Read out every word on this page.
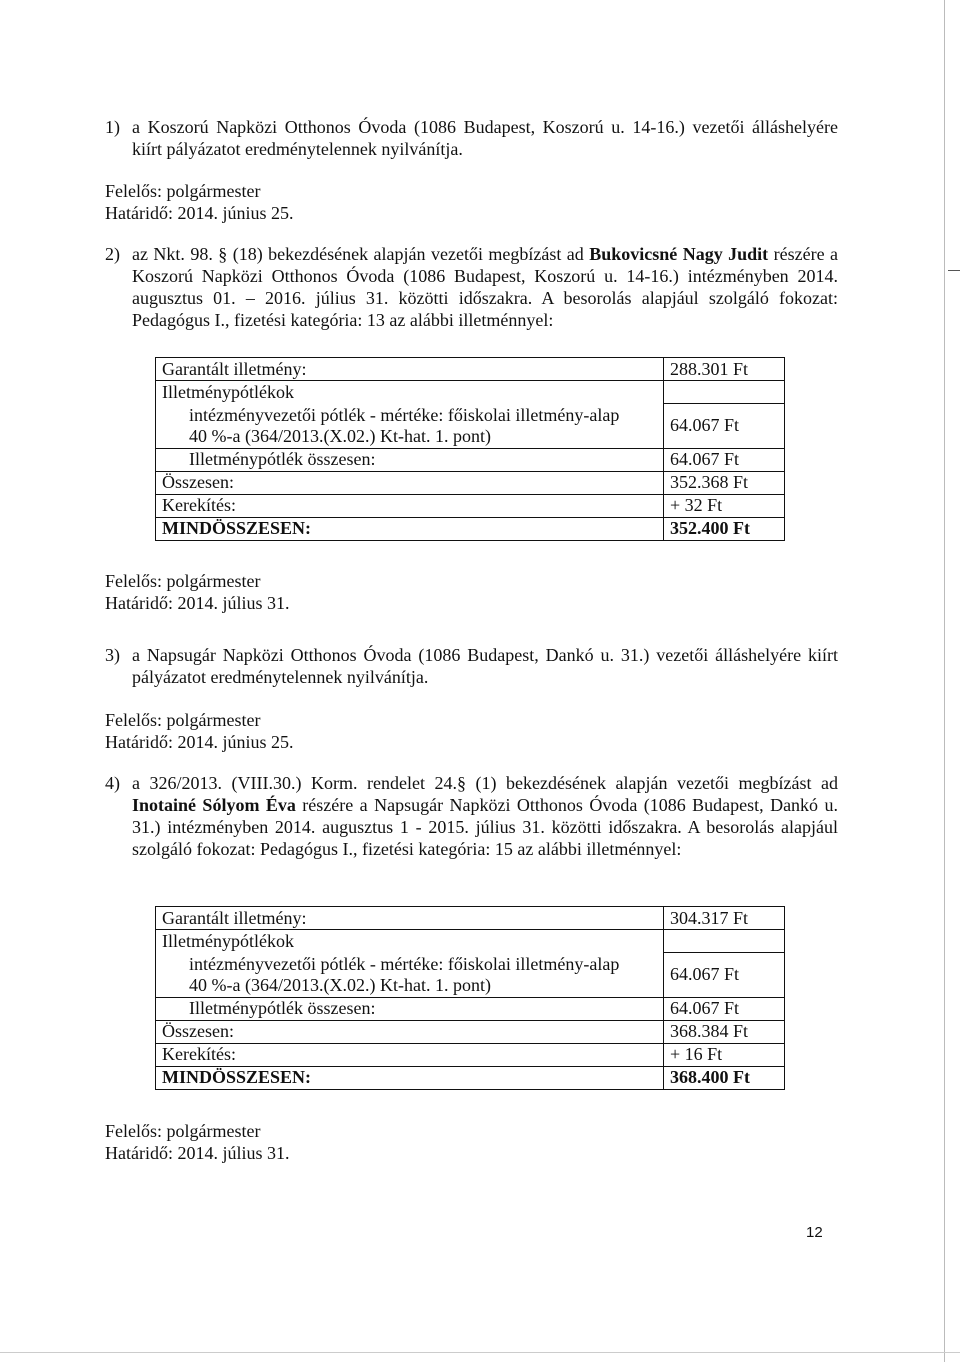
1) a Koszorú Napközi Otthonos Óvoda (1086 Budapest, Koszorú u. 14-16.) vezetői álláshelyére kiírt pályázatot eredménytelennek nyilvánítja.
Felelős: polgármester
Határidő: 2014. június 25.
2) az Nkt. 98. § (18) bekezdésének alapján vezetői megbízást ad Bukovicsné Nagy Judit részére a Koszorú Napközi Otthonos Óvoda (1086 Budapest, Koszorú u. 14-16.) intézményben 2014. augusztus 01. – 2016. július 31. közötti időszakra. A besorolás alapjául szolgáló fokozat: Pedagógus I., fizetési kategória: 13 az alábbi illetménnyel:
Garantált illetmény:	288.301 Ft
Illetménypótlékok	

intézményvezetői pótlék - mértéke: főiskolai illetmény-alap
40 %-a (364/2013.(X.02.) Kt-hat. 1. pont)	64.067 Ft
Illetménypótlék összesen:	64.067 Ft
Összesen:	352.368 Ft
Kerekítés:	+ 32 Ft
MINDÖSSZESEN:	352.400 Ft
Felelős: polgármester
Határidő: 2014. július 31.
3) a Napsugár Napközi Otthonos Óvoda (1086 Budapest, Dankó u. 31.) vezetői álláshelyére kiírt pályázatot eredménytelennek nyilvánítja.
Felelős: polgármester
Határidő: 2014. június 25.
4) a 326/2013. (VIII.30.) Korm. rendelet 24.§ (1) bekezdésének alapján vezetői megbízást ad Inotainé Sólyom Éva részére a Napsugár Napközi Otthonos Óvoda (1086 Budapest, Dankó u. 31.) intézményben 2014. augusztus 1 - 2015. július 31. közötti időszakra. A besorolás alapjául szolgáló fokozat: Pedagógus I., fizetési kategória: 15 az alábbi illetménnyel:
Garantált illetmény:	304.317 Ft
Illetménypótlékok	

intézményvezetői pótlék - mértéke: főiskolai illetmény-alap
40 %-a (364/2013.(X.02.) Kt-hat. 1. pont)	64.067 Ft
Illetménypótlék összesen:	64.067 Ft
Összesen:	368.384 Ft
Kerekítés:	+ 16 Ft
MINDÖSSZESEN:	368.400 Ft
Felelős: polgármester
Határidő: 2014. július 31.
12
